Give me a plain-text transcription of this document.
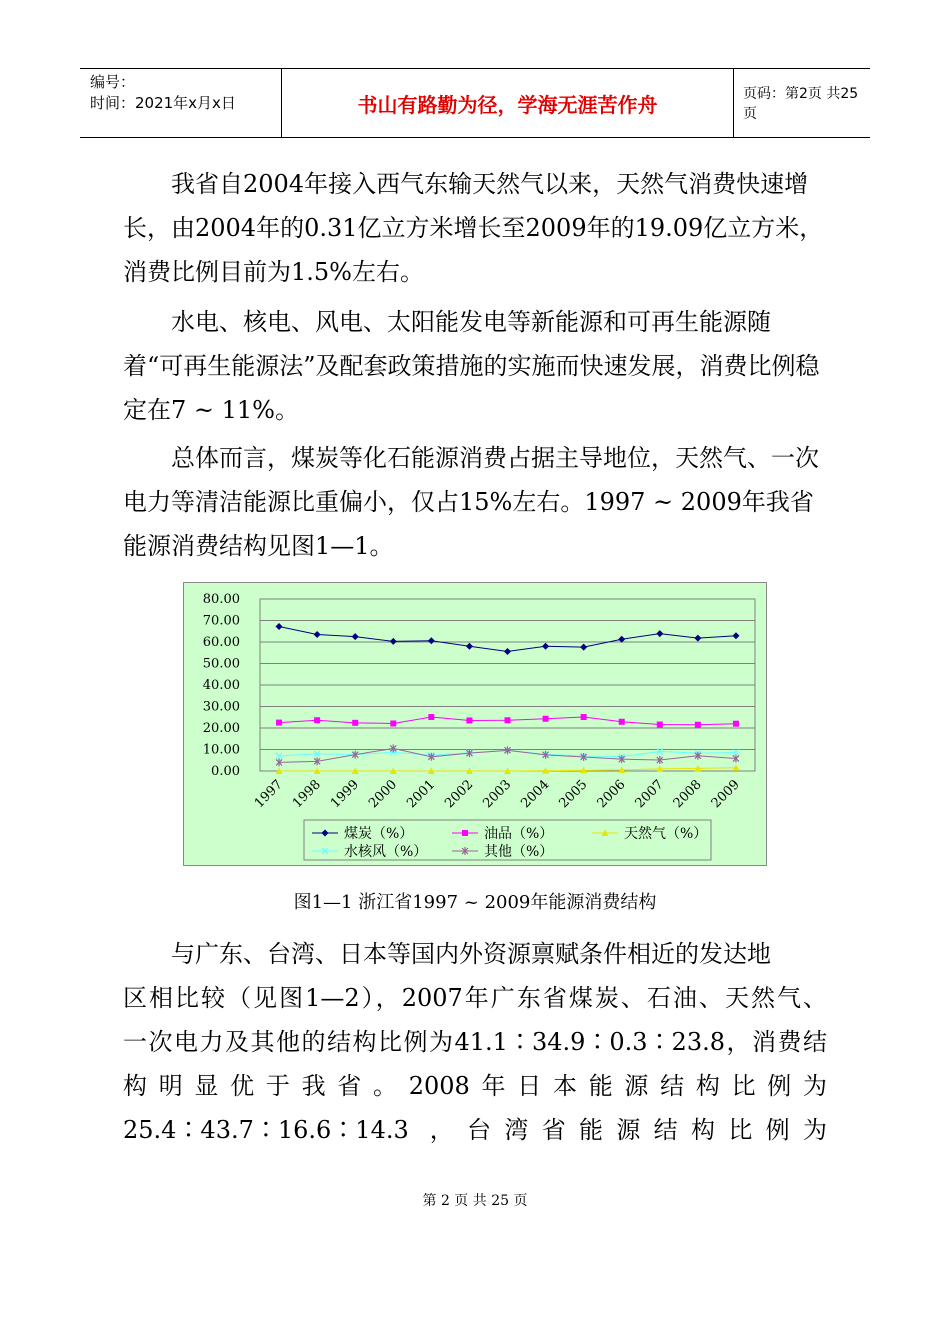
编号：
时间：2021年x月x日	书山有路勤为径，学海无涯苦作舟	页码：第2页 共25页

我省自2004年接入西气东输天然气以来，天然气消费快速增长，由2004年的0.31亿立方米增长至2009年的19.09亿立方米，消费比例目前为1.5%左右。

水电、核电、风电、太阳能发电等新能源和可再生能源随着“可再生能源法”及配套政策措施的实施而快速发展，消费比例稳定在7 ~ 11%。

总体而言，煤炭等化石能源消费占据主导地位，天然气、一次电力等清洁能源比重偏小，仅占15%左右。1997 ~ 2009年我省能源消费结构见图1—1。

0.00
10.00
20.00
30.00
40.00
50.00
60.00
70.00
80.00
1997 1998 1999 2000 2001 2002 2003 2004 2005 2006 2007 2008 2009
煤炭（%）	油品（%）	天然气（%）
水核风（%）	其他（%）
图1—1 浙江省1997 ~ 2009年能源消费结构

与广东、台湾、日本等国内外资源禀赋条件相近的发达地

区相比较（见图1—2），2007年广东省煤炭、石油、天然气、

一次电力及其他的结构比例为41.1∶34.9∶0.3∶23.8，消费结

构明显优于我省。2008年日本能源结构比例为

25.4∶43.7∶16.6∶14.3 ，台湾省能源结构比例为

第 2 页 共 25 页
